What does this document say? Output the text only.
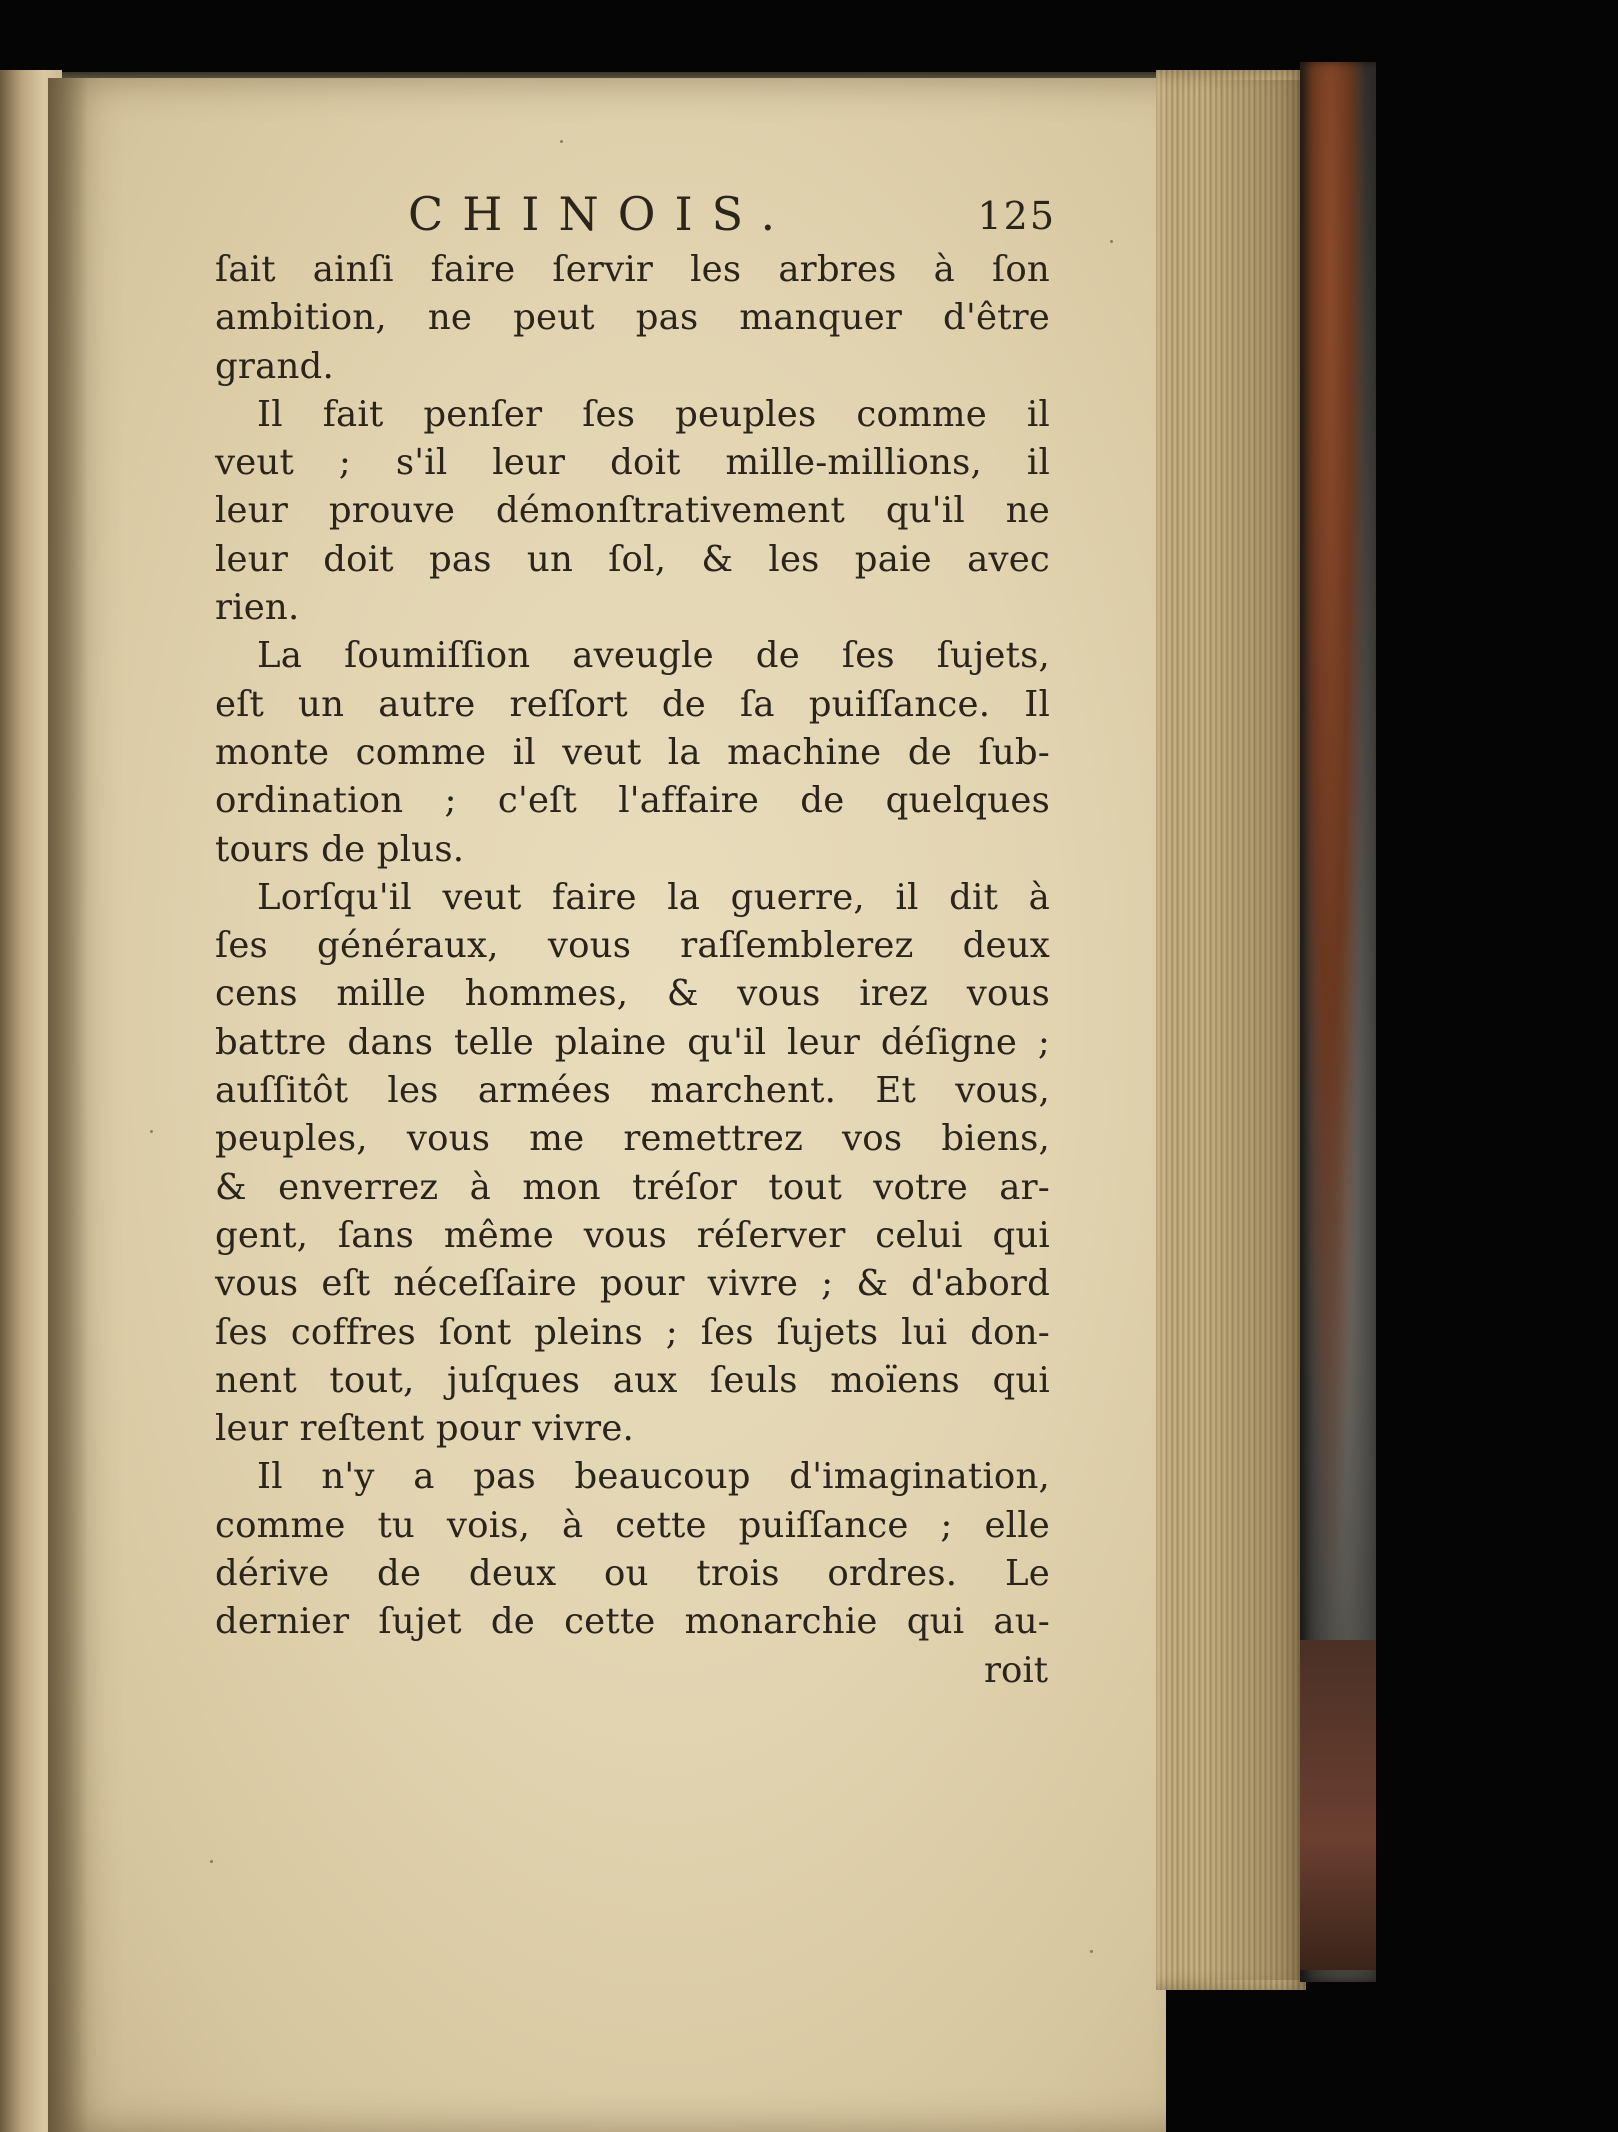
CHINOIS.	125
ſait ainſi faire ſervir les arbres à ſon
ambition, ne peut pas manquer d'être
grand.
Il fait penſer ſes peuples comme il
veut ; s'il leur doit mille-millions, il
leur prouve démonſtrativement qu'il ne
leur doit pas un ſol, & les paie avec
rien.
La ſoumiſſion aveugle de ſes ſujets,
eſt un autre reſſort de ſa puiſſance. Il
monte comme il veut la machine de ſub-
ordination ; c'eſt l'affaire de quelques
tours de plus.
Lorſqu'il veut faire la guerre, il dit à
ſes généraux, vous raſſemblerez deux
cens mille hommes, & vous irez vous
battre dans telle plaine qu'il leur déſigne ;
auſſitôt les armées marchent. Et vous,
peuples, vous me remettrez vos biens,
& enverrez à mon tréſor tout votre ar-
gent, ſans même vous réſerver celui qui
vous eſt néceſſaire pour vivre ; & d'abord
ſes coffres ſont pleins ; ſes ſujets lui don-
nent tout, juſques aux ſeuls moïens qui
leur reſtent pour vivre.
Il n'y a pas beaucoup d'imagination,
comme tu vois, à cette puiſſance ; elle
dérive de deux ou trois ordres. Le
dernier ſujet de cette monarchie qui au-
roit
